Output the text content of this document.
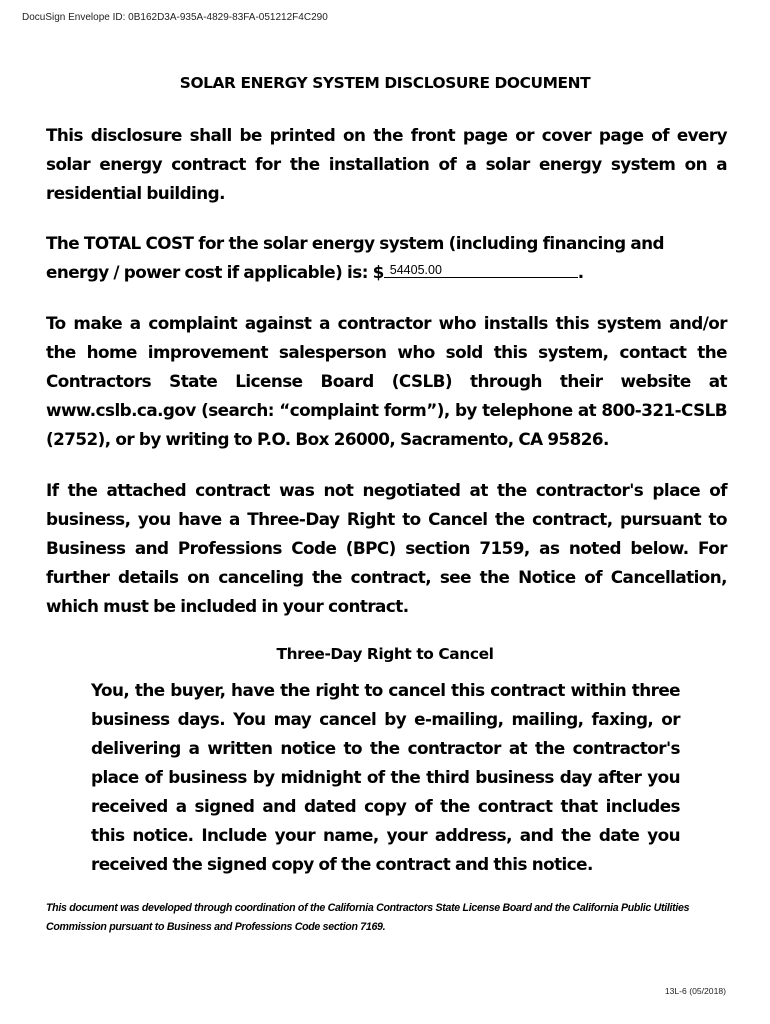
DocuSign Envelope ID: 0B162D3A-935A-4829-83FA-051212F4C290
SOLAR ENERGY SYSTEM DISCLOSURE DOCUMENT

This disclosure shall be printed on the front page or cover page of every solar energy contract for the installation of a solar energy system on a residential building.

The TOTAL COST for the solar energy system (including financing and energy / power cost if applicable) is: $ 54405.00	.

To make a complaint against a contractor who installs this system and/or the home improvement salesperson who sold this system, contact the Contractors State License Board (CSLB) through their website at www.cslb.ca.gov (search: “complaint form”), by telephone at 800-321-CSLB (2752), or by writing to P.O. Box 26000, Sacramento, CA 95826.

If the attached contract was not negotiated at the contractor's place of business, you have a Three-Day Right to Cancel the contract, pursuant to Business and Professions Code (BPC) section 7159, as noted below. For further details on canceling the contract, see the Notice of Cancellation, which must be included in your contract.

Three-Day Right to Cancel

You, the buyer, have the right to cancel this contract within three business days. You may cancel by e-mailing, mailing, faxing, or delivering a written notice to the contractor at the contractor's place of business by midnight of the third business day after you received a signed and dated copy of the contract that includes this notice. Include your name, your address, and the date you received the signed copy of the contract and this notice.

This document was developed through coordination of the California Contractors State License Board and the California Public Utilities Commission pursuant to Business and Professions Code section 7169.

13L-6 (05/2018)
